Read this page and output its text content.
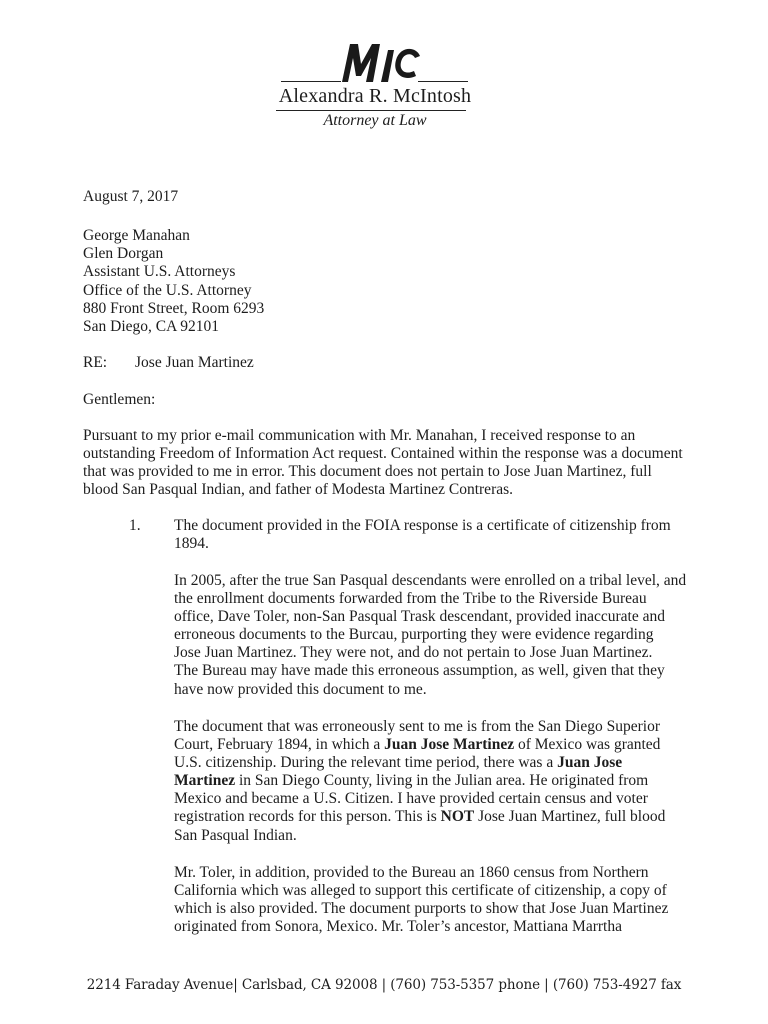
Alexandra R. McIntosh
Attorney at Law
August 7, 2017
George Manahan
Glen Dorgan
Assistant U.S. Attorneys
Office of the U.S. Attorney
880 Front Street, Room 6293
San Diego, CA 92101
RE: Jose Juan Martinez
Gentlemen:
Pursuant to my prior e-mail communication with Mr. Manahan, I received response to an
outstanding Freedom of Information Act request. Contained within the response was a document
that was provided to me in error. This document does not pertain to Jose Juan Martinez, full
blood San Pasqual Indian, and father of Modesta Martinez Contreras.
1. The document provided in the FOIA response is a certificate of citizenship from
1894.
In 2005, after the true San Pasqual descendants were enrolled on a tribal level, and
the enrollment documents forwarded from the Tribe to the Riverside Bureau
office, Dave Toler, non-San Pasqual Trask descendant, provided inaccurate and
erroneous documents to the Burcau, purporting they were evidence regarding
Jose Juan Martinez. They were not, and do not pertain to Jose Juan Martinez.
The Bureau may have made this erroneous assumption, as well, given that they
have now provided this document to me.
The document that was erroneously sent to me is from the San Diego Superior
Court, February 1894, in which a Juan Jose Martinez of Mexico was granted
U.S. citizenship. During the relevant time period, there was a Juan Jose
Martinez in San Diego County, living in the Julian area. He originated from
Mexico and became a U.S. Citizen. I have provided certain census and voter
registration records for this person. This is NOT Jose Juan Martinez, full blood
San Pasqual Indian.
Mr. Toler, in addition, provided to the Bureau an 1860 census from Northern
California which was alleged to support this certificate of citizenship, a copy of
which is also provided. The document purports to show that Jose Juan Martinez
originated from Sonora, Mexico. Mr. Toler’s ancestor, Mattiana Marrtha
2214 Faraday Avenue| Carlsbad, CA 92008 | (760) 753-5357 phone | (760) 753-4927 fax
